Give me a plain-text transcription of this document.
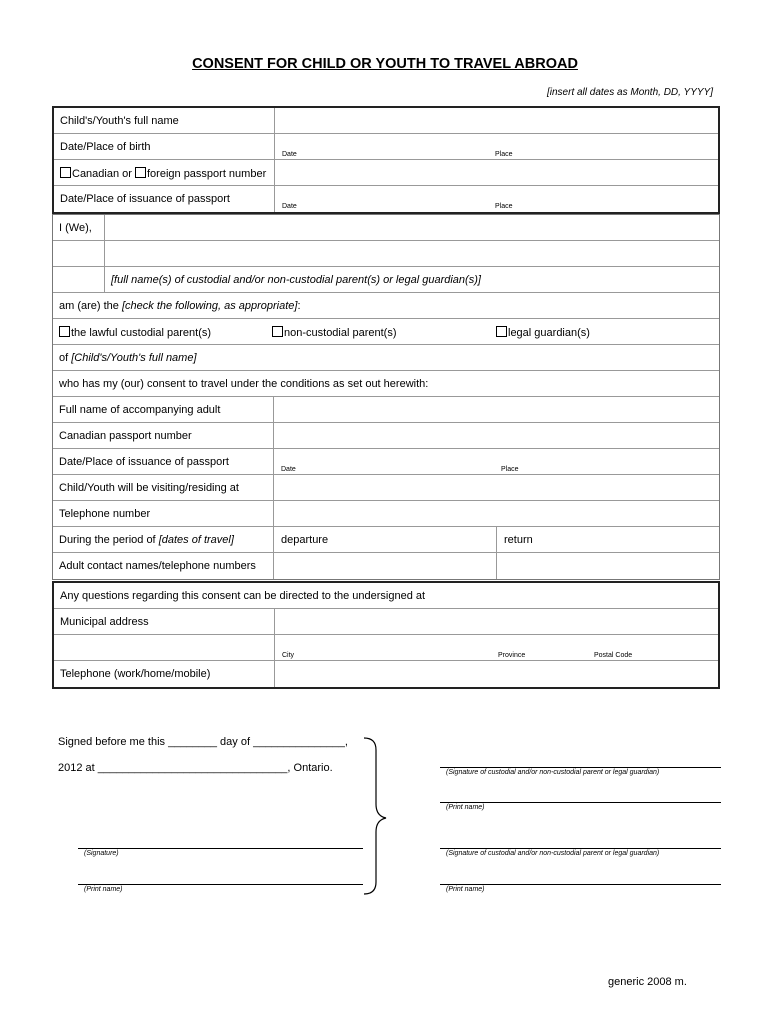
CONSENT FOR CHILD OR YOUTH TO TRAVEL ABROAD
[insert all dates as Month, DD, YYYY]
Child's/Youth's full name
Date/Place of birth
Date	Place
Canadian or foreign passport number
Date/Place of issuance of passport
Date	Place
I (We),
[full name(s) of custodial and/or non-custodial parent(s) or legal guardian(s)]
am (are) the [check the following, as appropriate]:
the lawful custodial parent(s)	non-custodial parent(s)	legal guardian(s)
of [Child's/Youth's full name]
who has my (our) consent to travel under the conditions as set out herewith:
Full name of accompanying adult
Canadian passport number
Date/Place of issuance of passport
Date	Place
Child/Youth will be visiting/residing at
Telephone number
During the period of [dates of travel]	departure	return
Adult contact names/telephone numbers
Any questions regarding this consent can be directed to the undersigned at
Municipal address
City	Province	Postal Code
Telephone (work/home/mobile)
Signed before me this ________ day of _______________,
2012 at _______________________________, Ontario.	(Signature of custodial and/or non-custodial parent or legal guardian)
(Print name)
(Signature)	(Signature of custodial and/or non-custodial parent or legal guardian)
(Print name)	(Print name)
generic 2008 m.
